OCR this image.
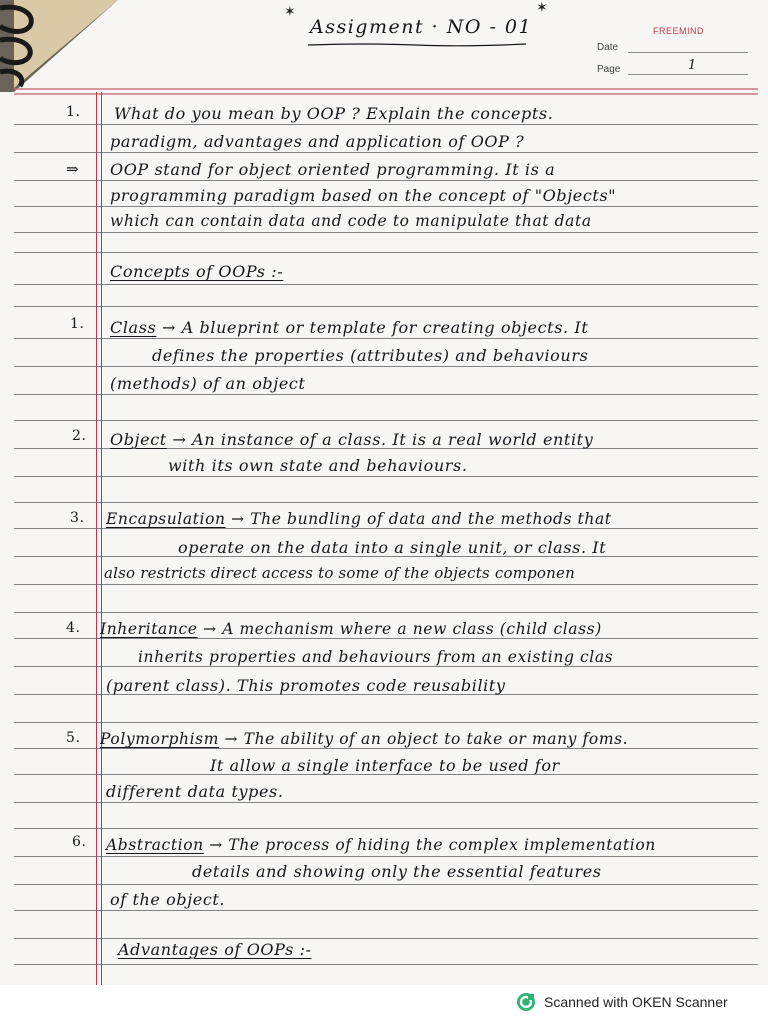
✶	✶
Assigment · NO - 01	FREEMIND
Date
Page	1
1. What do you mean by OOP ? Explain the concepts.
paradigm, advantages and application of OOP ?
⇒ OOP stand for object oriented programming. It is a
programming paradigm based on the concept of "Objects"
which can contain data and code to manipulate that data
Concepts of OOPs :-
1. Class → A blueprint or template for creating objects. It
defines the properties (attributes) and behaviours
(methods) of an object
2. Object → An instance of a class. It is a real world entity
with its own state and behaviours.
3. Encapsulation → The bundling of data and the methods that
operate on the data into a single unit, or class. It
also restricts direct access to some of the objects componen
4. Inheritance → A mechanism where a new class (child class)
inherits properties and behaviours from an existing clas
(parent class). This promotes code reusability
5. Polymorphism → The ability of an object to take or many foms.
It allow a single interface to be used for
different data types.
6. Abstraction → The process of hiding the complex implementation
details and showing only the essential features
of the object.
Advantages of OOPs :-
Scanned with OKEN Scanner
